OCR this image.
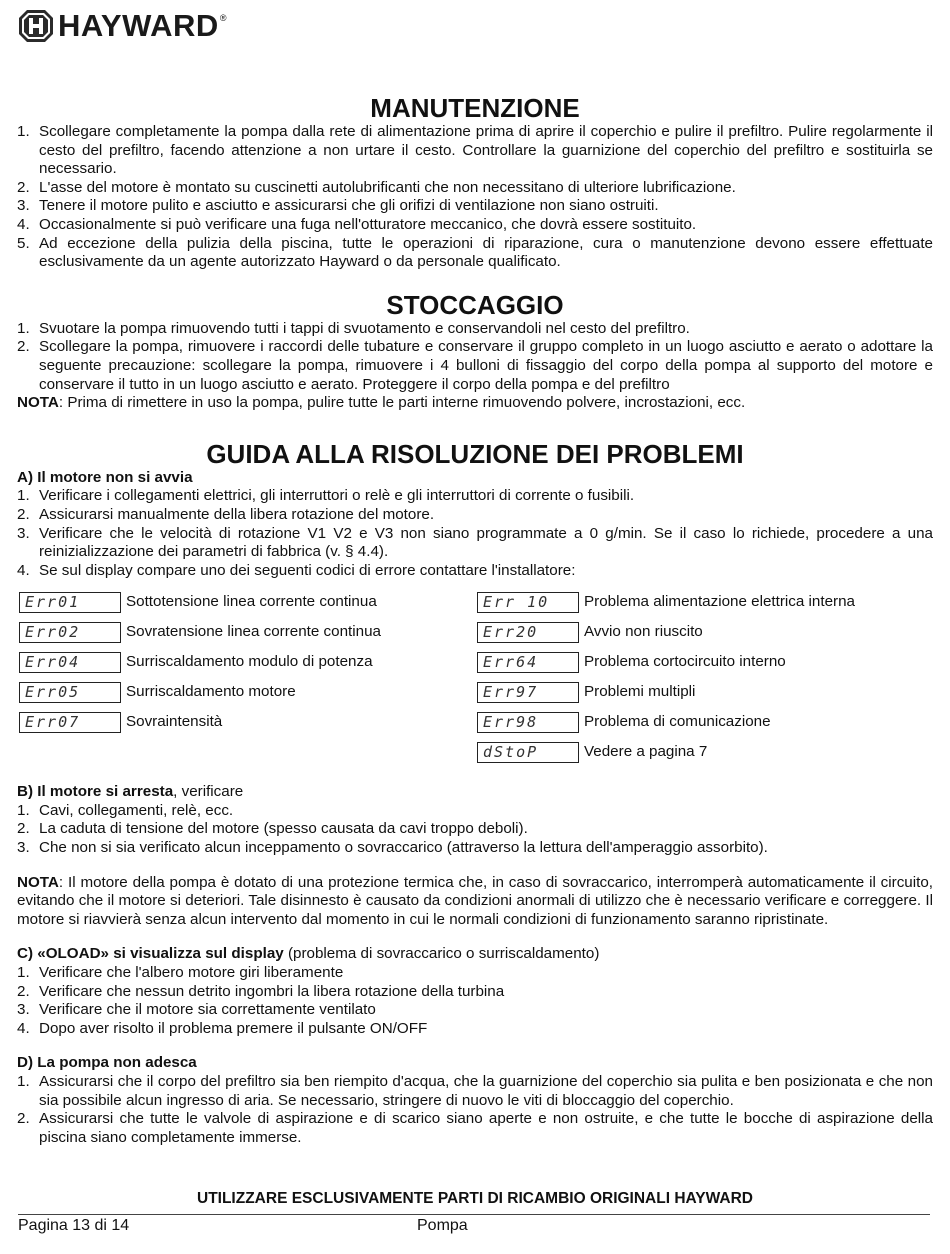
HAYWARD ®
MANUTENZIONE
1. Scollegare completamente la pompa dalla rete di alimentazione prima di aprire il coperchio e pulire il prefiltro. Pulire regolarmente il cesto del prefiltro, facendo attenzione a non urtare il cesto. Controllare la guarnizione del coperchio del prefiltro e sostituirla se necessario.
2. L'asse del motore è montato su cuscinetti autolubrificanti che non necessitano di ulteriore lubrificazione.
3. Tenere il motore pulito e asciutto e assicurarsi che gli orifizi di ventilazione non siano ostruiti.
4. Occasionalmente si può verificare una fuga nell'otturatore meccanico, che dovrà essere sostituito.
5. Ad eccezione della pulizia della piscina, tutte le operazioni di riparazione, cura o manutenzione devono essere effettuate esclusivamente da un agente autorizzato Hayward o da personale qualificato.
STOCCAGGIO
1. Svuotare la pompa rimuovendo tutti i tappi di svuotamento e conservandoli nel cesto del prefiltro.
2. Scollegare la pompa, rimuovere i raccordi delle tubature e conservare il gruppo completo in un luogo asciutto e aerato o adottare la seguente precauzione: scollegare la pompa, rimuovere i 4 bulloni di fissaggio del corpo della pompa al supporto del motore e conservare il tutto in un luogo asciutto e aerato. Proteggere il corpo della pompa e del prefiltro

NOTA: Prima di rimettere in uso la pompa, pulire tutte le parti interne rimuovendo polvere, incrostazioni, ecc.

GUIDA ALLA RISOLUZIONE DEI PROBLEMI
A) Il motore non si avvia
1. Verificare i collegamenti elettrici, gli interruttori o relè e gli interruttori di corrente o fusibili.
2. Assicurarsi manualmente della libera rotazione del motore.
3. Verificare che le velocità di rotazione V1 V2 e V3 non siano programmate a 0 g/min. Se il caso lo richiede, procedere a una reinizializzazione dei parametri di fabbrica (v. § 4.4).
4. Se sul display compare uno dei seguenti codici di errore contattare l'installatore:
Err01	Sottotensione linea corrente continua
Err02	Sovratensione linea corrente continua
Err04	Surriscaldamento modulo di potenza
Err05	Surriscaldamento motore
Err07	Sovraintensità
Err 10	Problema alimentazione elettrica interna
Err20	Avvio non riuscito
Err64	Problema cortocircuito interno
Err97	Problemi multipli
Err98	Problema di comunicazione
dStoP	Vedere a pagina 7
B) Il motore si arresta, verificare
1. Cavi, collegamenti, relè, ecc.
2. La caduta di tensione del motore (spesso causata da cavi troppo deboli).
3. Che non si sia verificato alcun inceppamento o sovraccarico (attraverso la lettura dell'amperaggio assorbito).

NOTA: Il motore della pompa è dotato di una protezione termica che, in caso di sovraccarico, interromperà automaticamente il circuito, evitando che il motore si deteriori. Tale disinnesto è causato da condizioni anormali di utilizzo che è necessario verificare e correggere. Il motore si riavvierà senza alcun intervento dal momento in cui le normali condizioni di funzionamento saranno ripristinate.

C) «OLOAD» si visualizza sul display (problema di sovraccarico o surriscaldamento)
1. Verificare che l'albero motore giri liberamente
2. Verificare che nessun detrito ingombri la libera rotazione della turbina
3. Verificare che il motore sia correttamente ventilato
4. Dopo aver risolto il problema premere il pulsante ON/OFF
D) La pompa non adesca
1. Assicurarsi che il corpo del prefiltro sia ben riempito d'acqua, che la guarnizione del coperchio sia pulita e ben posizionata e che non sia possibile alcun ingresso di aria. Se necessario, stringere di nuovo le viti di bloccaggio del coperchio.
2. Assicurarsi che tutte le valvole di aspirazione e di scarico siano aperte e non ostruite, e che tutte le bocche di aspirazione della piscina siano completamente immerse.
UTILIZZARE ESCLUSIVAMENTE PARTI DI RICAMBIO ORIGINALI HAYWARD
Pagina 13 di 14	Pompa
